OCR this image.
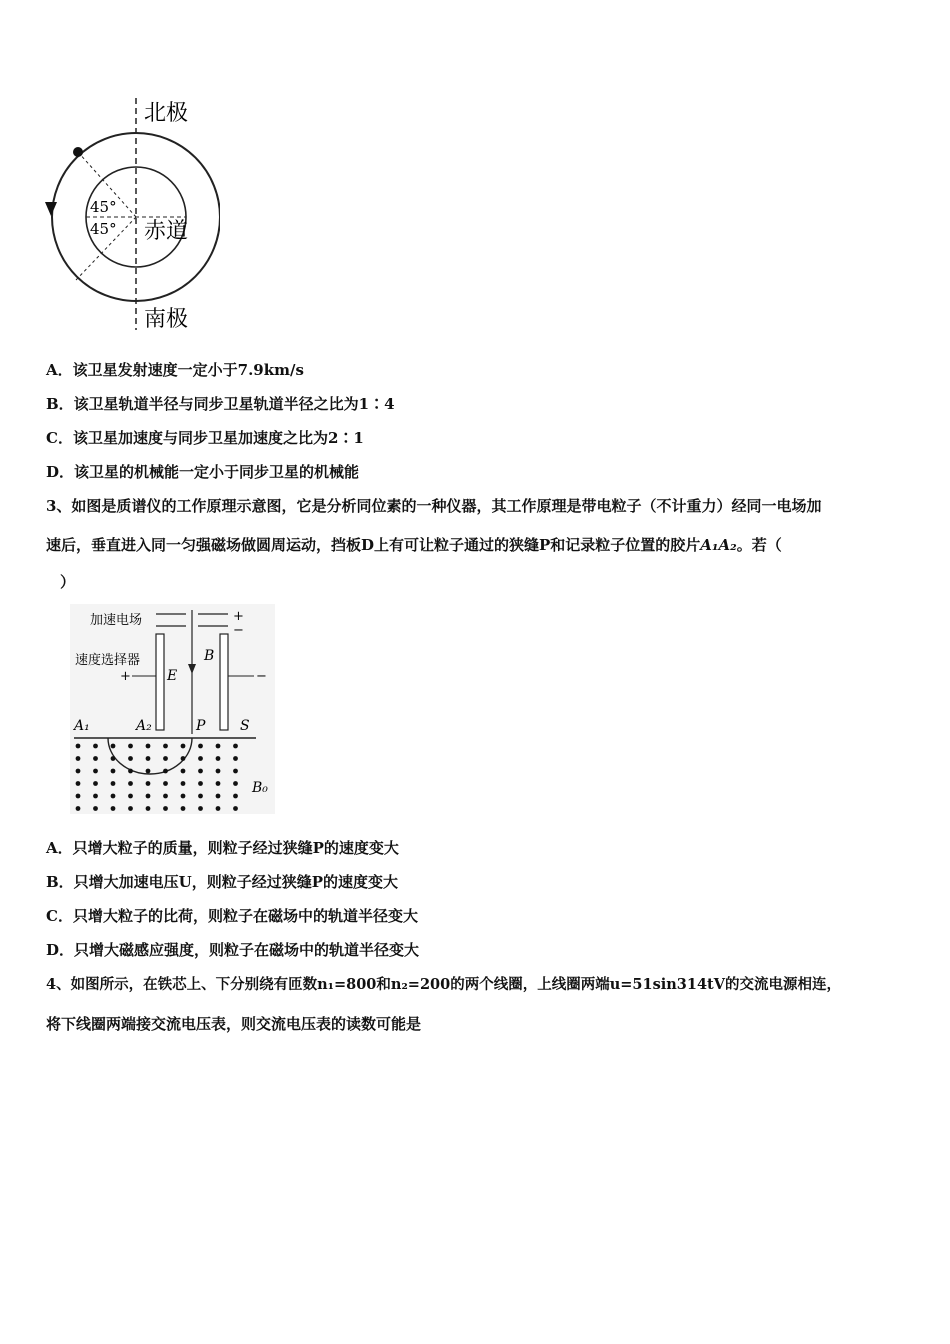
北极
南极
赤道
45°
45°
A．该卫星发射速度一定小于7.9km/s
B．该卫星轨道半径与同步卫星轨道半径之比为1∶4
C．该卫星加速度与同步卫星加速度之比为2∶1
D．该卫星的机械能一定小于同步卫星的机械能
3、如图是质谱仪的工作原理示意图，它是分析同位素的一种仪器，其工作原理是带电粒子（不计重力）经同一电场加
速后，垂直进入同一匀强磁场做圆周运动，挡板D上有可让粒子通过的狭缝P和记录粒子位置的胶片A₁A₂。若（
）
加速电场	+
−
速度选择器
+	−
E
B
A₁	A₂	P S
B₀
A．只增大粒子的质量，则粒子经过狭缝P的速度变大
B．只增大加速电压U，则粒子经过狭缝P的速度变大
C．只增大粒子的比荷，则粒子在磁场中的轨道半径变大
D．只增大磁感应强度，则粒子在磁场中的轨道半径变大
4、如图所示，在铁芯上、下分别绕有匝数n₁=800和n₂=200的两个线圈，上线圈两端u=51sin314tV的交流电源相连，
将下线圈两端接交流电压表，则交流电压表的读数可能是
